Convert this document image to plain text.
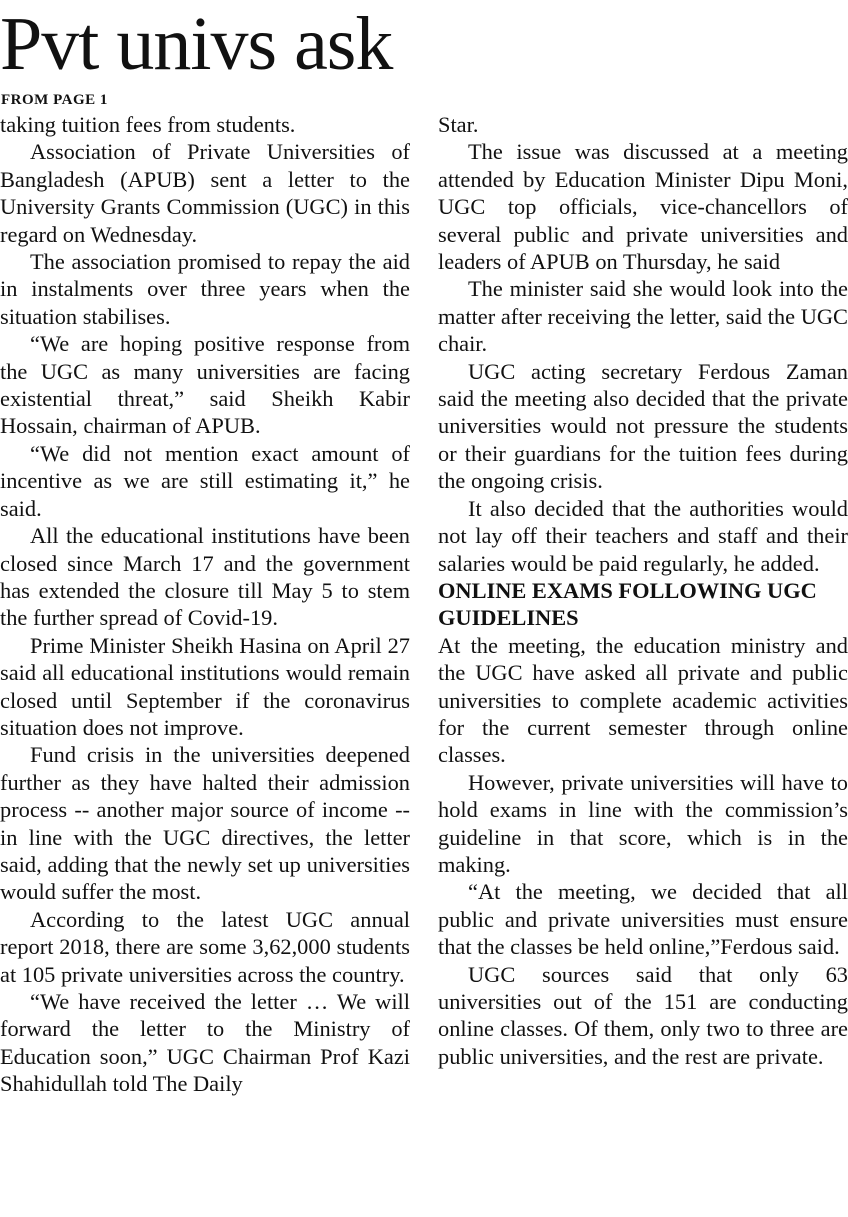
Pvt univs ask
FROM PAGE 1

taking tuition fees from students.

Association of Private Universities of Bangladesh (APUB) sent a letter to the University Grants Commission (UGC) in this regard on Wednesday.

The association promised to repay the aid in instalments over three years when the situation stabilises.

“We are hoping positive response from the UGC as many universities are facing existential threat,” said Sheikh Kabir Hossain, chairman of APUB.

“We did not mention exact amount of incentive as we are still estimating it,” he said.

All the educational institutions have been closed since March 17 and the government has extended the closure till May 5 to stem the further spread of Covid-19.

Prime Minister Sheikh Hasina on April 27 said all educational institutions would remain closed until September if the coronavirus situation does not improve.

Fund crisis in the universities deepened further as they have halted their admission process -- another major source of income -- in line with the UGC directives, the letter said, adding that the newly set up universities would suffer the most.

According to the latest UGC annual report 2018, there are some 3,62,000 students at 105 private universities across the country.

“We have received the letter … We will forward the letter to the Ministry of Education soon,” UGC Chairman Prof Kazi Shahidullah told The Daily

Star.

The issue was discussed at a meeting attended by Education Minister Dipu Moni, UGC top officials, vice-chancellors of several public and private universities and leaders of APUB on Thursday, he said

The minister said she would look into the matter after receiving the letter, said the UGC chair.

UGC acting secretary Ferdous Zaman said the meeting also decided that the private universities would not pressure the students or their guardians for the tuition fees during the ongoing crisis.

It also decided that the authorities would not lay off their teachers and staff and their salaries would be paid regularly, he added.

ONLINE EXAMS FOLLOWING UGC GUIDELINES

At the meeting, the education ministry and the UGC have asked all private and public universities to complete academic activities for the current semester through online classes.

However, private universities will have to hold exams in line with the commission’s guideline in that score, which is in the making.

“At the meeting, we decided that all public and private universities must ensure that the classes be held online,”Ferdous said.

UGC sources said that only 63 universities out of the 151 are conducting online classes. Of them, only two to three are public universities, and the rest are private.
